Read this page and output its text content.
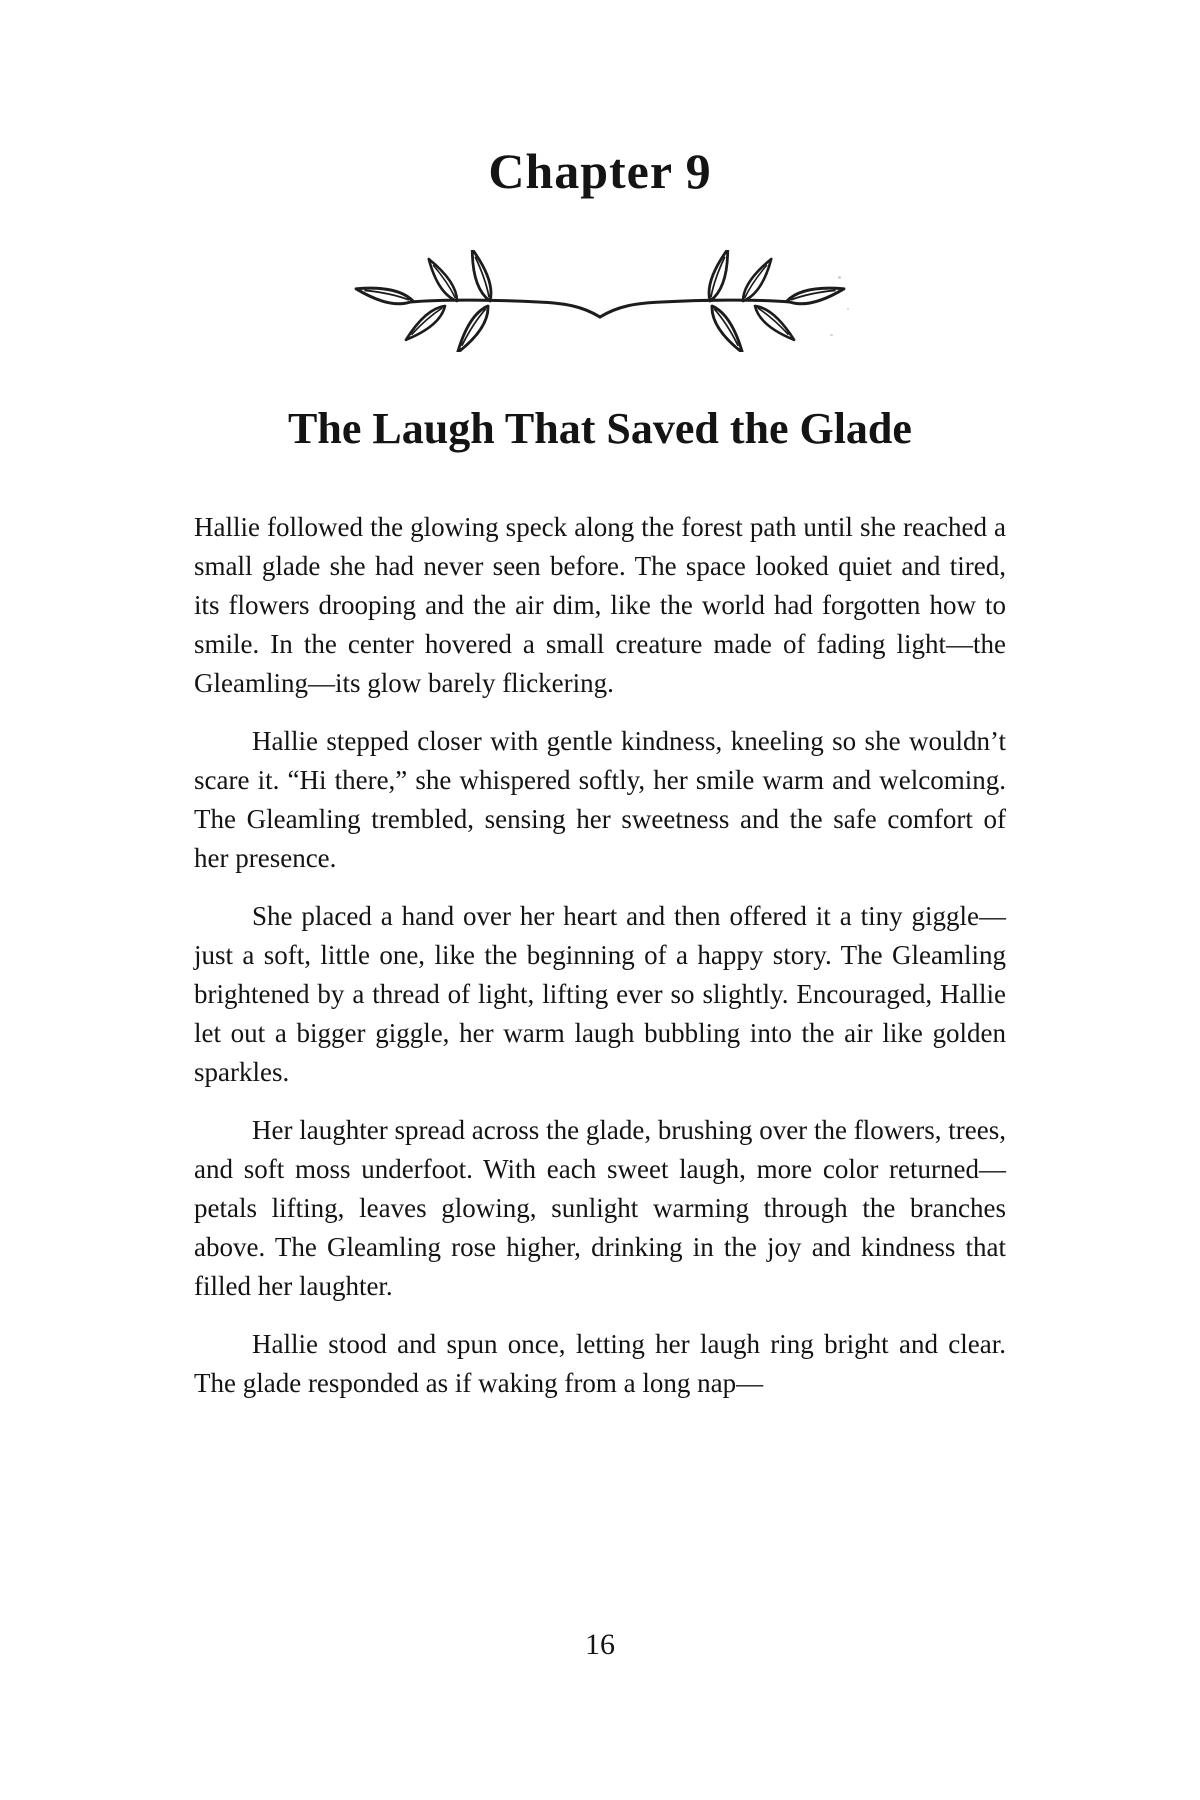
Chapter 9
The Laugh That Saved the Glade

Hallie followed the glowing speck along the forest path until she reached a small glade she had never seen before. The space looked quiet and tired, its flowers drooping and the air dim, like the world had forgotten how to smile. In the center hovered a small creature made of fading light—the Gleamling—its glow barely flickering.

Hallie stepped closer with gentle kindness, kneeling so she wouldn’t scare it. “Hi there,” she whispered softly, her smile warm and welcoming. The Gleamling trembled, sensing her sweetness and the safe comfort of her presence.

She placed a hand over her heart and then offered it a tiny giggle—just a soft, little one, like the beginning of a happy story. The Gleamling brightened by a thread of light, lifting ever so slightly. Encouraged, Hallie let out a bigger giggle, her warm laugh bubbling into the air like golden sparkles.

Her laughter spread across the glade, brushing over the flowers, trees, and soft moss underfoot. With each sweet laugh, more color returned—petals lifting, leaves glowing, sunlight warming through the branches above. The Gleamling rose higher, drinking in the joy and kindness that filled her laughter.

Hallie stood and spun once, letting her laugh ring bright and clear. The glade responded as if waking from a long nap—

16
